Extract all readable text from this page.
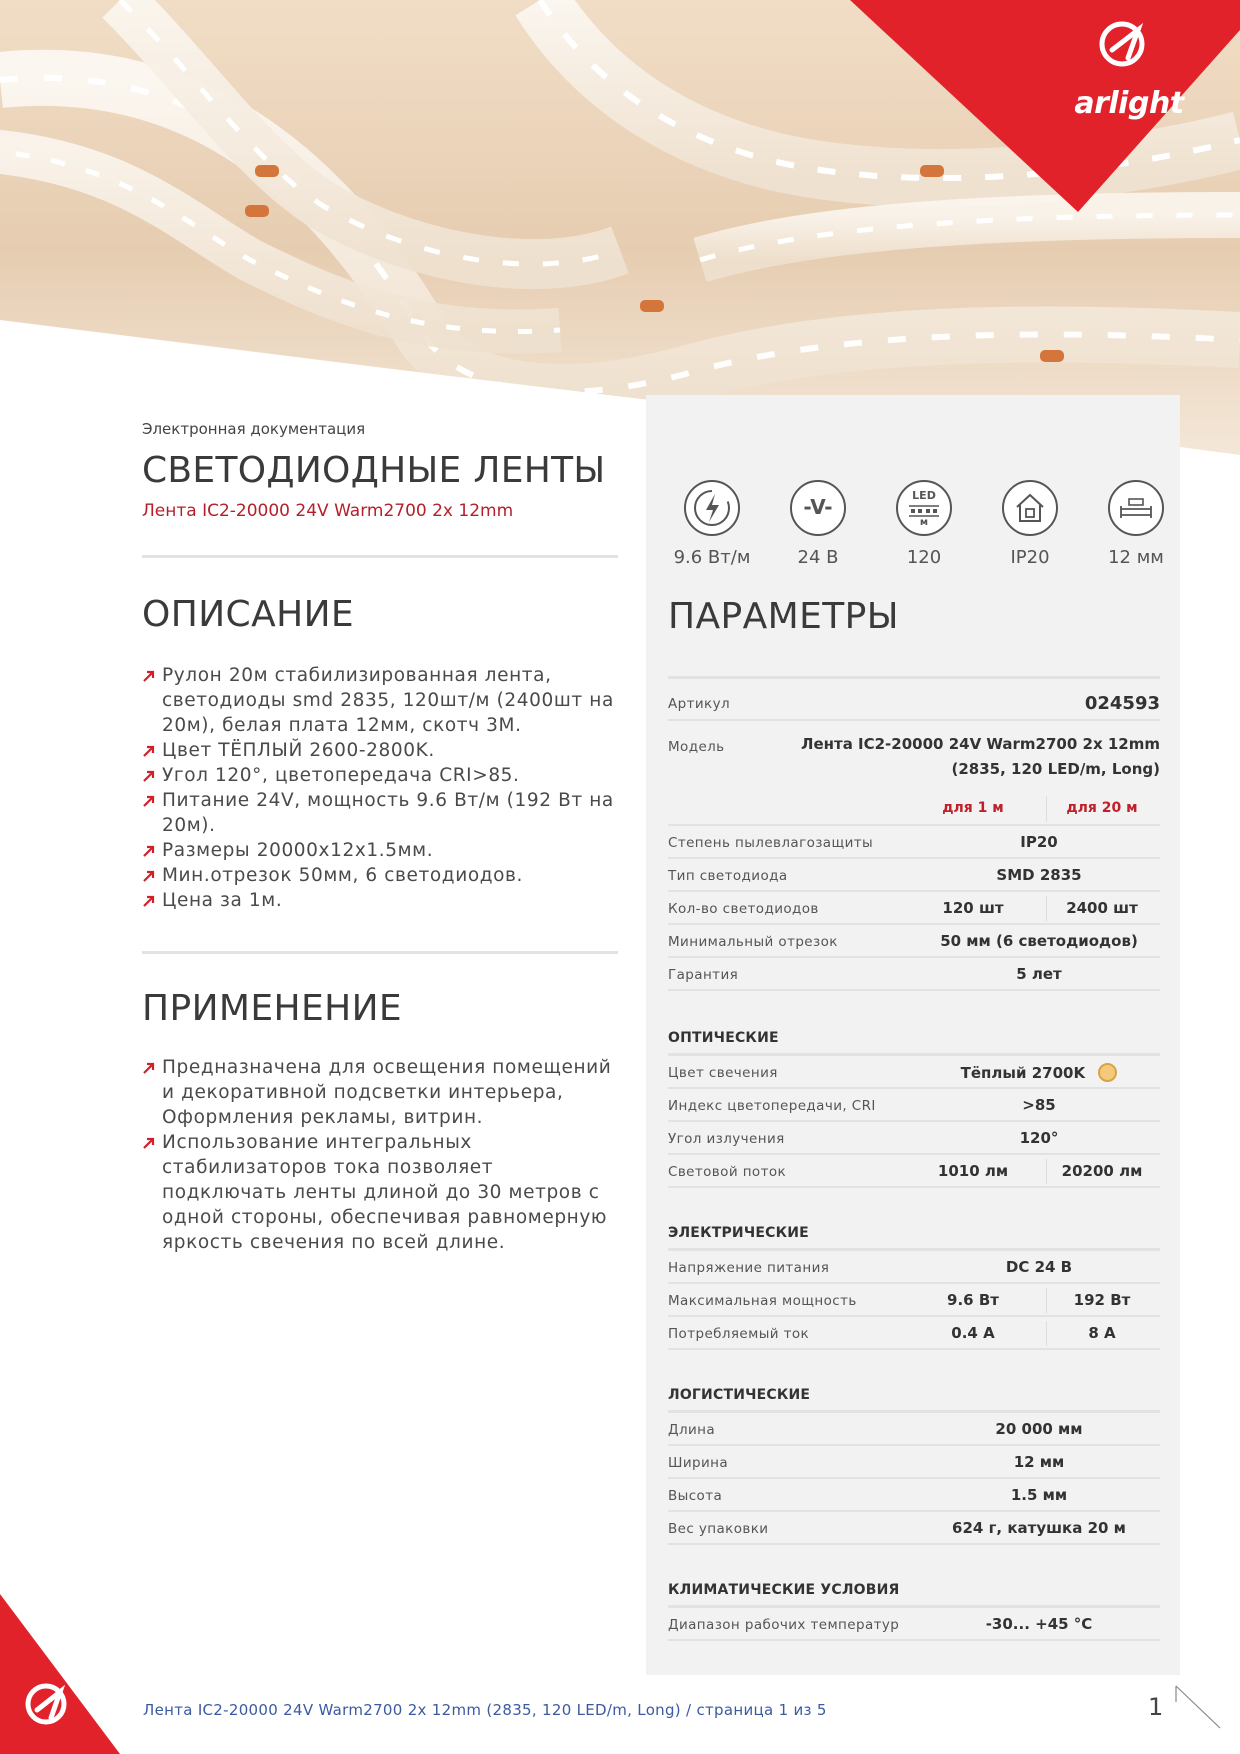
arlight
Электронная документация
СВЕТОДИОДНЫЕ ЛЕНТЫ
Лента IC2-20000 24V Warm2700 2x 12mm
ОПИСАНИЕ
Рулон 20м стабилизированная лента, светодиоды smd 2835, 120шт/м (2400шт на 20м), белая плата 12мм, скотч 3М.
Цвет ТЁПЛЫЙ 2600-2800K.
Угол 120°, цветопередача CRI>85.
Питание 24V, мощность 9.6 Вт/м (192 Вт на 20м).
Размеры 20000x12x1.5мм.
Мин.отрезок 50мм, 6 светодиодов.
Цена за 1м.
ПРИМЕНЕНИЕ
Предназначена для освещения помещений и декоративной подсветки интерьера, Оформления рекламы, витрин.
Использование интегральных стабилизаторов тока позволяет подключать ленты длиной до 30 метров с одной стороны, обеспечивая равномерную яркость свечения по всей длине.
9.6 Вт/м
-V-
24 В
LED
м
120	IP20	12 мм
ПАРАМЕТРЫ
Артикул	024593
Модель	Лента IC2-20000 24V Warm2700 2x 12mm
(2835, 120 LED/m, Long)
для 1 м	для 20 м
Степень пылевлагозащиты	IP20
Тип светодиода	SMD 2835
Кол-во светодиодов	120 шт	2400 шт
Минимальный отрезок	50 мм (6 светодиодов)
Гарантия	5 лет
ОПТИЧЕСКИЕ
Цвет свечения	Тёплый 2700K
Индекс цветопередачи, CRI	>85
Угол излучения	120°
Световой поток	1010 лм	20200 лм
ЭЛЕКТРИЧЕСКИЕ
Напряжение питания	DC 24 В
Максимальная мощность	9.6 Вт	192 Вт
Потребляемый ток	0.4 А	8 А
ЛОГИСТИЧЕСКИЕ
Длина	20 000 мм
Ширина	12 мм
Высота	1.5 мм
Вес упаковки	624 г, катушка 20 м
КЛИМАТИЧЕСКИЕ УСЛОВИЯ
Диапазон рабочих температур	-30... +45 °C
Лента IC2-20000 24V Warm2700 2x 12mm (2835, 120 LED/m, Long) / страница 1 из 5	1
